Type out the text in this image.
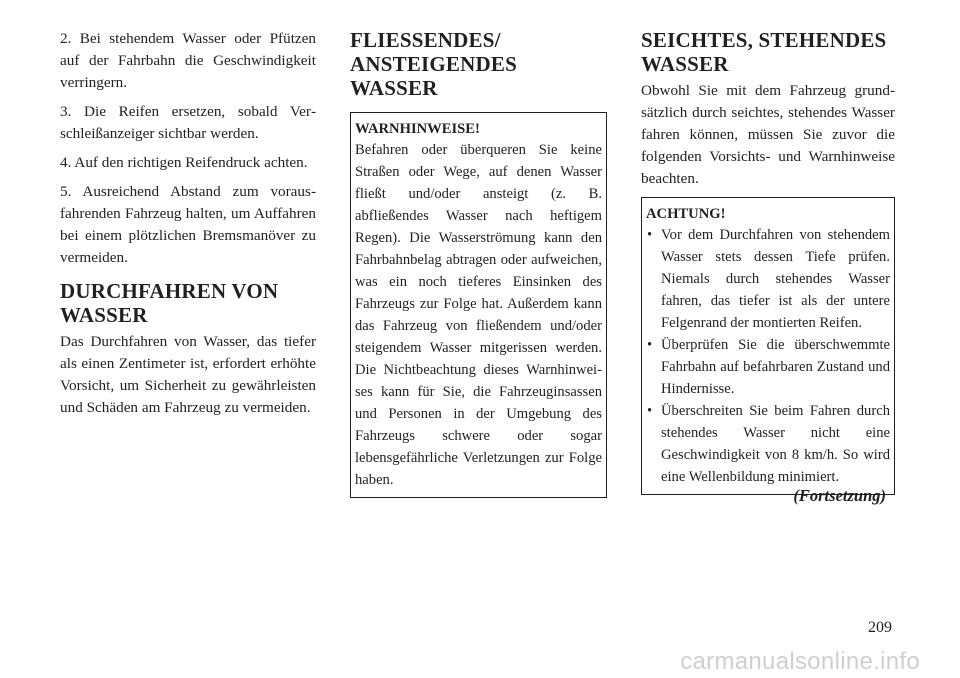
2. Bei stehendem Wasser oder Pfützen auf der Fahrbahn die Geschwindigkeit verringern.

3. Die Reifen ersetzen, sobald Verschleißanzeiger sichtbar werden.

4. Auf den richtigen Reifendruck achten.

5. Ausreichend Abstand zum vorausfahrenden Fahrzeug halten, um Auffahren bei einem plötzlichen Bremsmanöver zu vermeiden.

DURCHFAHREN VON WASSER

Das Durchfahren von Wasser, das tiefer als einen Zentimeter ist, erfordert erhöhte Vorsicht, um Sicherheit zu gewährleisten und Schäden am Fahrzeug zu vermeiden.

FLIESSENDES/ ANSTEIGENDES WASSER
WARNHINWEISE!
Befahren oder überqueren Sie keine Straßen oder Wege, auf denen Wasser fließt und/oder ansteigt (z. B. abfließendes Wasser nach heftigem Regen). Die Wasserströmung kann den Fahrbahnbelag abtragen oder aufweichen, was ein noch tieferes Einsinken des Fahrzeugs zur Folge hat. Außerdem kann das Fahrzeug von fließendem und/oder steigendem Wasser mitgerissen werden. Die Nichtbeachtung dieses Warnhinweises kann für Sie, die Fahrzeuginsassen und Personen in der Umgebung des Fahrzeugs schwere oder sogar lebensgefährliche Verletzungen zur Folge haben.
SEICHTES, STEHENDES WASSER

Obwohl Sie mit dem Fahrzeug grundsätzlich durch seichtes, stehendes Wasser fahren können, müssen Sie zuvor die folgenden Vorsichts- und Warnhinweise beachten.

ACHTUNG!
• Vor dem Durchfahren von stehendem Wasser stets dessen Tiefe prüfen. Niemals durch stehendes Wasser fahren, das tiefer ist als der untere Felgenrand der montierten Reifen.
• Überprüfen Sie die überschwemmte Fahrbahn auf befahrbaren Zustand und Hindernisse.
• Überschreiten Sie beim Fahren durch stehendes Wasser nicht eine Geschwindigkeit von 8 km/h. So wird eine Wellenbildung minimiert.
(Fortsetzung)
209
carmanualsonline.info
